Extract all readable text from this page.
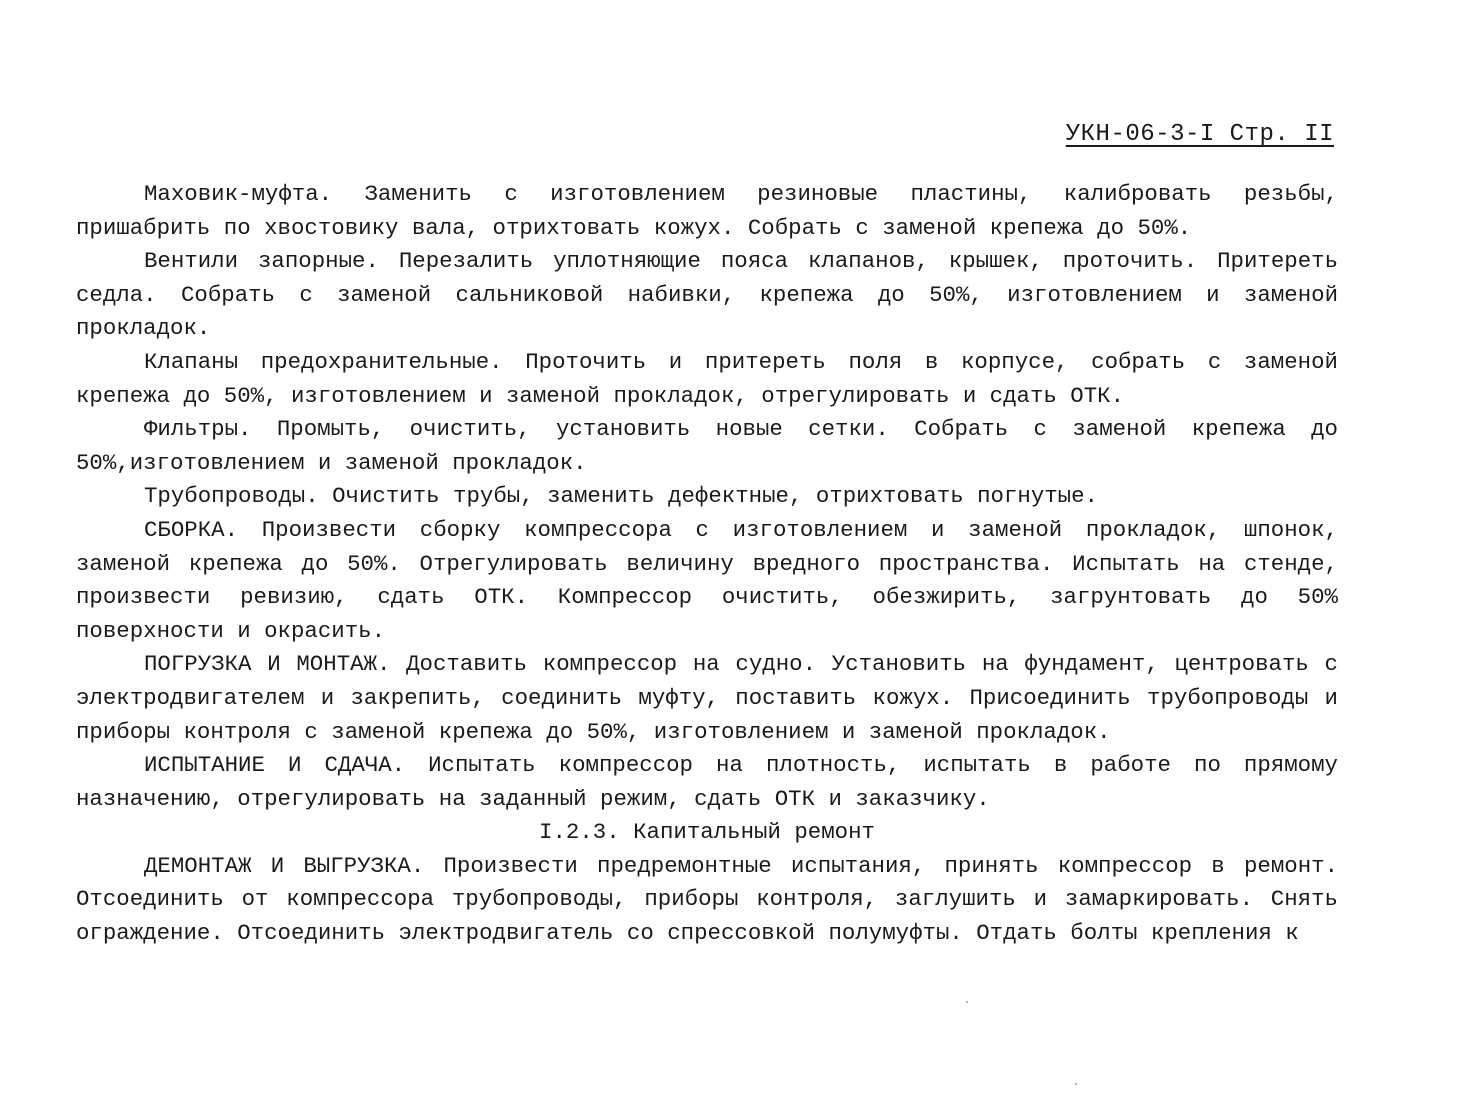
УКН-06-3-I Стр. II

Маховик-муфта. Заменить с изготовлением резиновые пластины, калибровать резьбы, пришабрить по хвостовику вала, отрихтовать кожух. Собрать с заменой крепежа до 50%.

Вентили запорные. Перезалить уплотняющие пояса клапанов, крышек, проточить. Притереть седла. Собрать с заменой сальниковой набивки, крепежа до 50%, изготовлением и заменой прокладок.

Клапаны предохранительные. Проточить и притереть поля в корпусе, собрать с заменой крепежа до 50%, изготовлением и заменой прокладок, отрегулировать и сдать ОТК.

Фильтры. Промыть, очистить, установить новые сетки. Собрать с заменой крепежа до 50%,изготовлением и заменой прокладок.

Трубопроводы. Очистить трубы, заменить дефектные, отрихтовать погнутые.

СБОРКА. Произвести сборку компрессора с изготовлением и заменой прокладок, шпонок, заменой крепежа до 50%. Отрегулировать величину вредного пространства. Испытать на стенде, произвести ревизию, сдать ОТК. Компрессор очистить, обезжирить, загрунтовать до 50% поверхности и окрасить.

ПОГРУЗКА И МОНТАЖ. Доставить компрессор на судно. Установить на фундамент, центровать с электродвигателем и закрепить, соединить муфту, поставить кожух. Присоединить трубопроводы и приборы контроля с заменой крепежа до 50%, изготовлением и заменой прокладок.

ИСПЫТАНИЕ И СДАЧА. Испытать компрессор на плотность, испытать в работе по прямому назначению, отрегулировать на заданный режим, сдать ОТК и заказчику.

I.2.3. Капитальный ремонт

ДЕМОНТАЖ И ВЫГРУЗКА. Произвести предремонтные испытания, принять компрессор в ремонт. Отсоединить от компрессора трубопроводы, приборы контроля, заглушить и замаркировать. Снять ограждение. Отсоединить электродвигатель со спрессовкой полумуфты. Отдать болты крепления к
